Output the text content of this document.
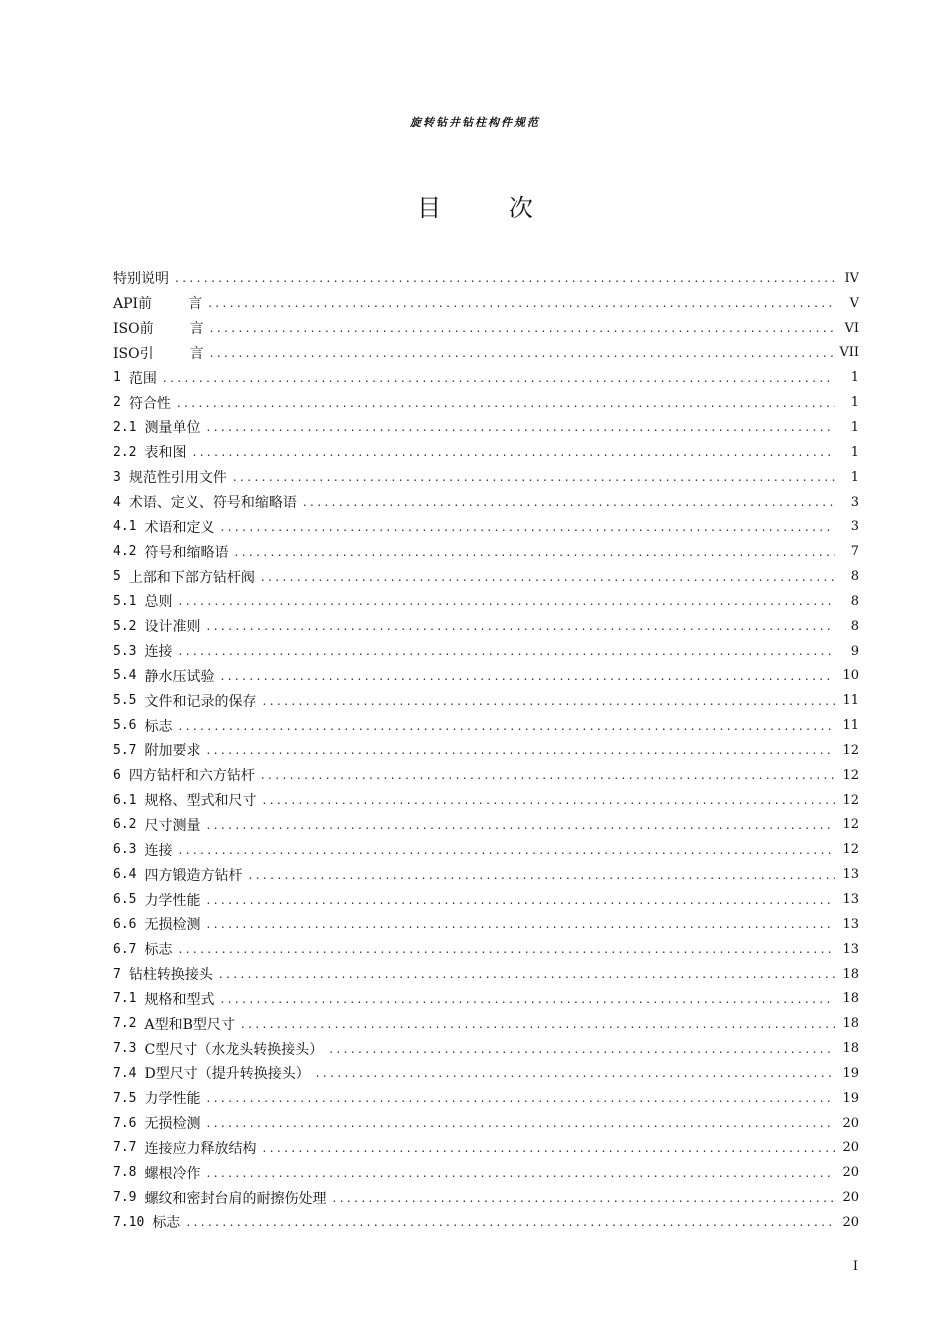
旋转钻井钻柱构件规范
目	次
特别说明 .....	IV
API前	言 .....	V
ISO前	言 .....	VI
ISO引	言 .....	VII
1 范围 .....	1
2 符合性 .....	1
2.1 测量单位 .....	1
2.2 表和图 .....	1
3 规范性引用文件 .....	1
4 术语、定义、符号和缩略语 .....	3
4.1 术语和定义 .....	3
4.2 符号和缩略语 .....	7
5 上部和下部方钻杆阀 .....	8
5.1 总则 .....	8
5.2 设计准则 .....	8
5.3 连接 .....	9
5.4 静水压试验 .....	10
5.5 文件和记录的保存 .....	11
5.6 标志 .....	11
5.7 附加要求 .....	12
6 四方钻杆和六方钻杆 .....	12
6.1 规格、型式和尺寸 .....	12
6.2 尺寸测量 .....	12
6.3 连接 .....	12
6.4 四方锻造方钻杆 .....	13
6.5 力学性能 .....	13
6.6 无损检测 .....	13
6.7 标志 .....	13
7 钻柱转换接头 .....	18
7.1 规格和型式 .....	18
7.2 A型和B型尺寸 .....	18
7.3 C型尺寸（水龙头转换接头） .....	18
7.4 D型尺寸（提升转换接头） .....	19
7.5 力学性能 .....	19
7.6 无损检测 .....	20
7.7 连接应力释放结构 .....	20
7.8 螺根冷作 .....	20
7.9 螺纹和密封台肩的耐擦伤处理 .....	20
7.10 标志 .....	20
I
